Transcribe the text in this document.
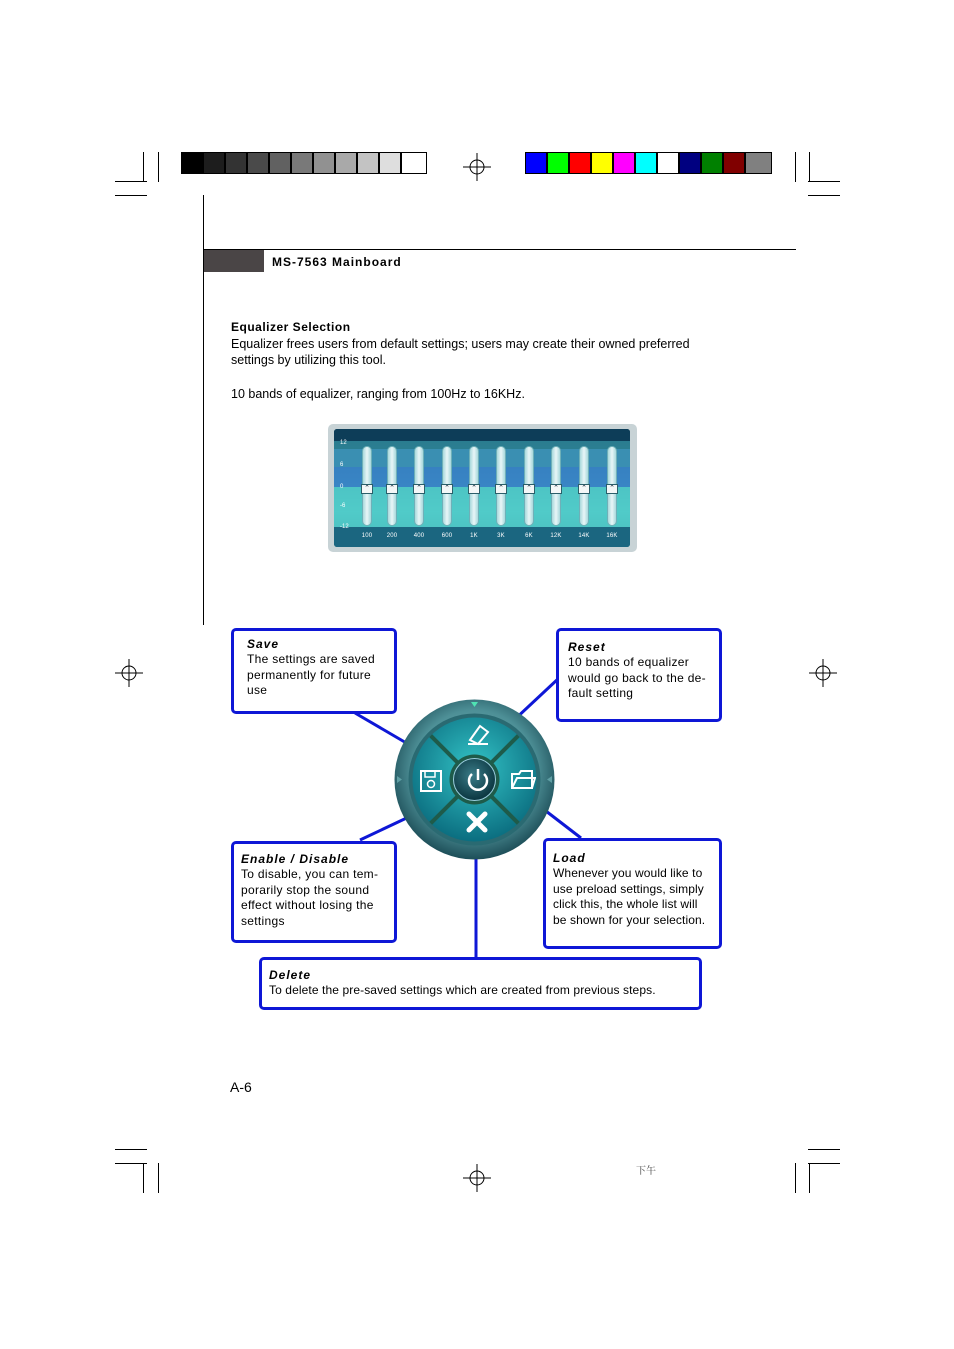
MS-7563 Mainboard
Equalizer Selection
Equalizer frees users from default settings; users may create their owned preferred
settings by utilizing this tool.
10 bands of equalizer, ranging from 100Hz to 16KHz.
12
6
0
-6
-12
⌃	⌃	⌃	⌃	⌃	⌃	⌃	⌃	⌃	⌃
100	200	400	600	1K	3K	6K	12K	14K	16K
Save
The settings are saved
permanently for future
use
Reset
10 bands of equalizer
would go back to the de-
fault setting
Enable / Disable
To disable, you can tem-
porarily stop the sound
effect without losing the
settings
Load
Whenever you would like to
use preload settings, simply
click this, the whole list will
be shown for your selection.
Delete
To delete the pre-saved settings which are created from previous steps.
A-6
下午
